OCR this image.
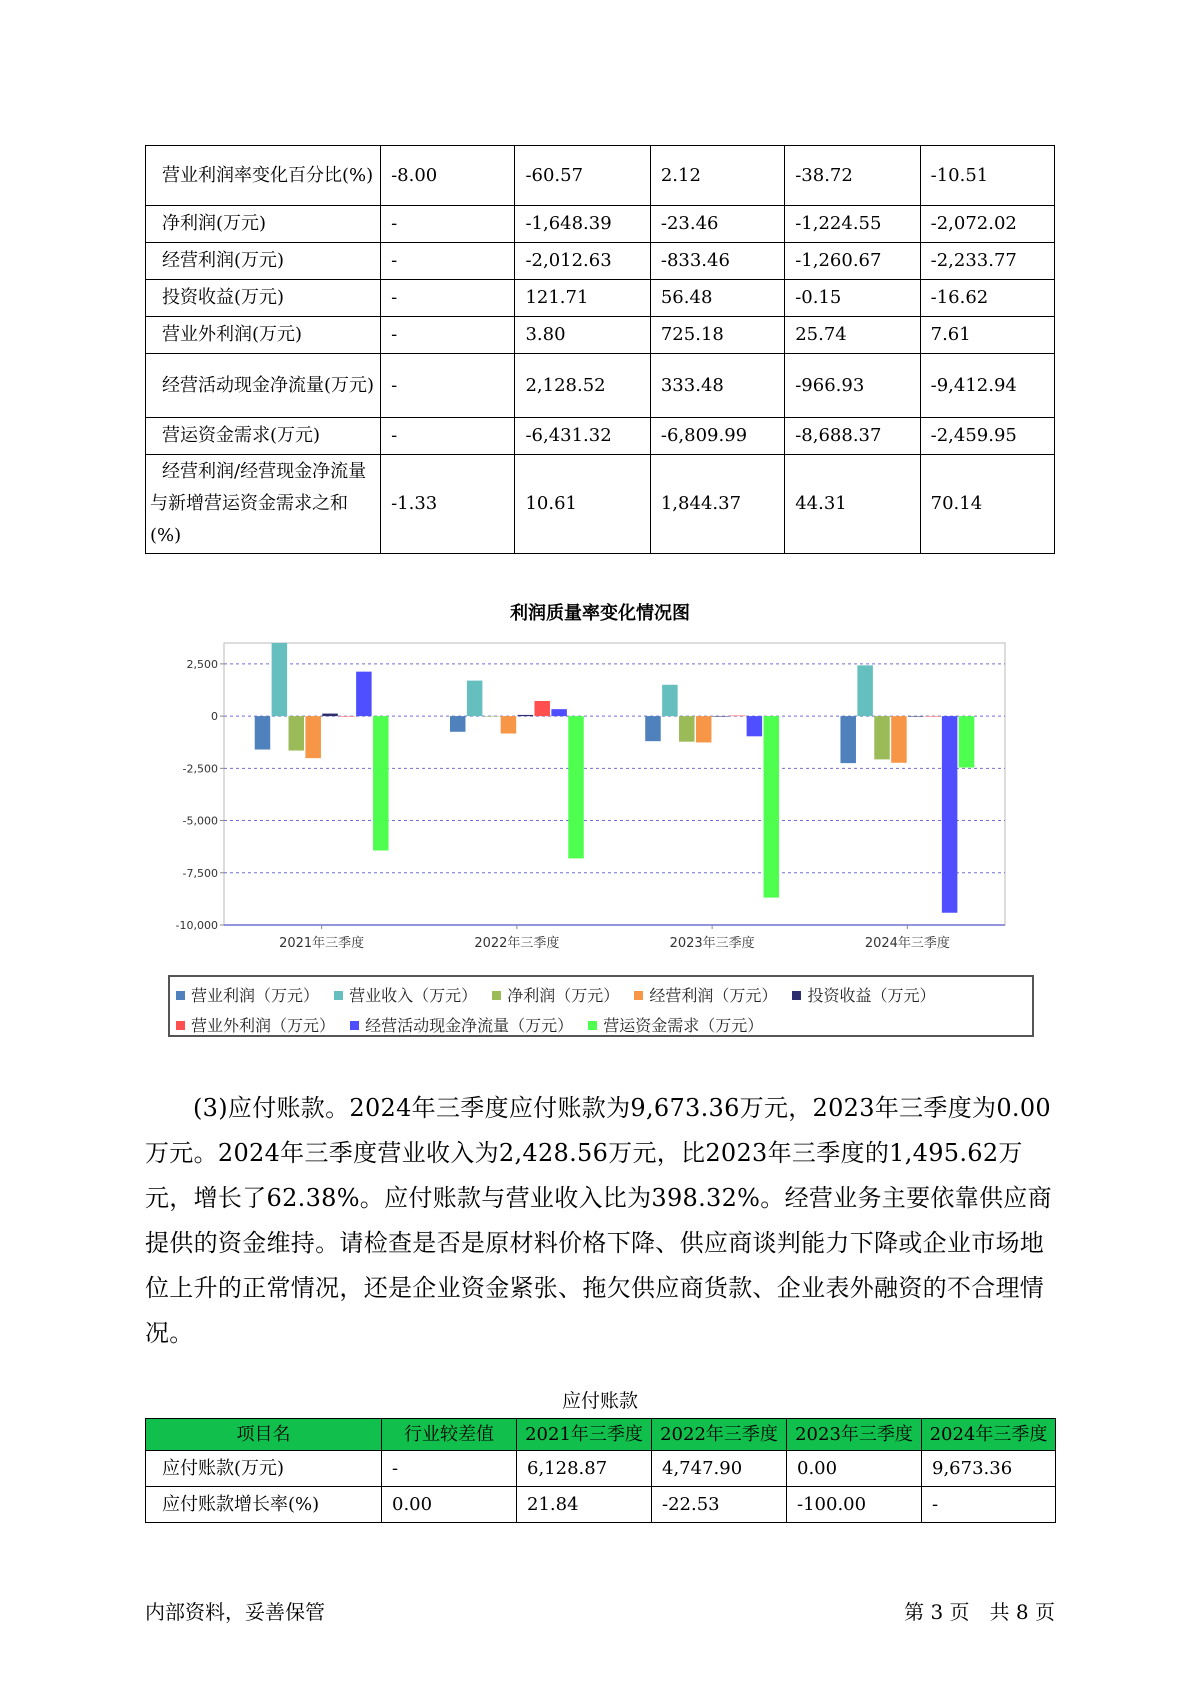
营业利润率变化百分比(%)	-8.00	-60.57	2.12	-38.72	-10.51
净利润(万元)	-	-1,648.39	-23.46	-1,224.55	-2,072.02
经营利润(万元)	-	-2,012.63	-833.46	-1,260.67	-2,233.77
投资收益(万元)	-	121.71	56.48	-0.15	-16.62
营业外利润(万元)	-	3.80	725.18	25.74	7.61
经营活动现金净流量(万元)	-	2,128.52	333.48	-966.93	-9,412.94
营运资金需求(万元)	-	-6,431.32	-6,809.99	-8,688.37	-2,459.95
经营利润/经营现金净流量与新增营运资金需求之和(%)	-1.33	10.61	1,844.37	44.31	70.14
利润质量率变化情况图
2,500
0
-2,500
-5,000
-7,500
-10,000
2021年三季度	2022年三季度	2023年三季度	2024年三季度
营业利润（万元） 营业收入（万元） 净利润（万元） 经营利润（万元） 投资收益（万元）
营业外利润（万元） 经营活动现金净流量（万元） 营运资金需求（万元）

(3)应付账款。2024年三季度应付账款为9,673.36万元，2023年三季度为0.00万元。2024年三季度营业收入为2,428.56万元，比2023年三季度的1,495.62万元，增长了62.38%。应付账款与营业收入比为398.32%。经营业务主要依靠供应商提供的资金维持。请检查是否是原材料价格下降、供应商谈判能力下降或企业市场地位上升的正常情况，还是企业资金紧张、拖欠供应商货款、企业表外融资的不合理情况。

应付账款
项目名	行业较差值	2021年三季度	2022年三季度	2023年三季度	2024年三季度
应付账款(万元)	-	6,128.87	4,747.90	0.00	9,673.36
应付账款增长率(%)	0.00	21.84	-22.53	-100.00	-
内部资料，妥善保管	第 3 页　共 8 页
